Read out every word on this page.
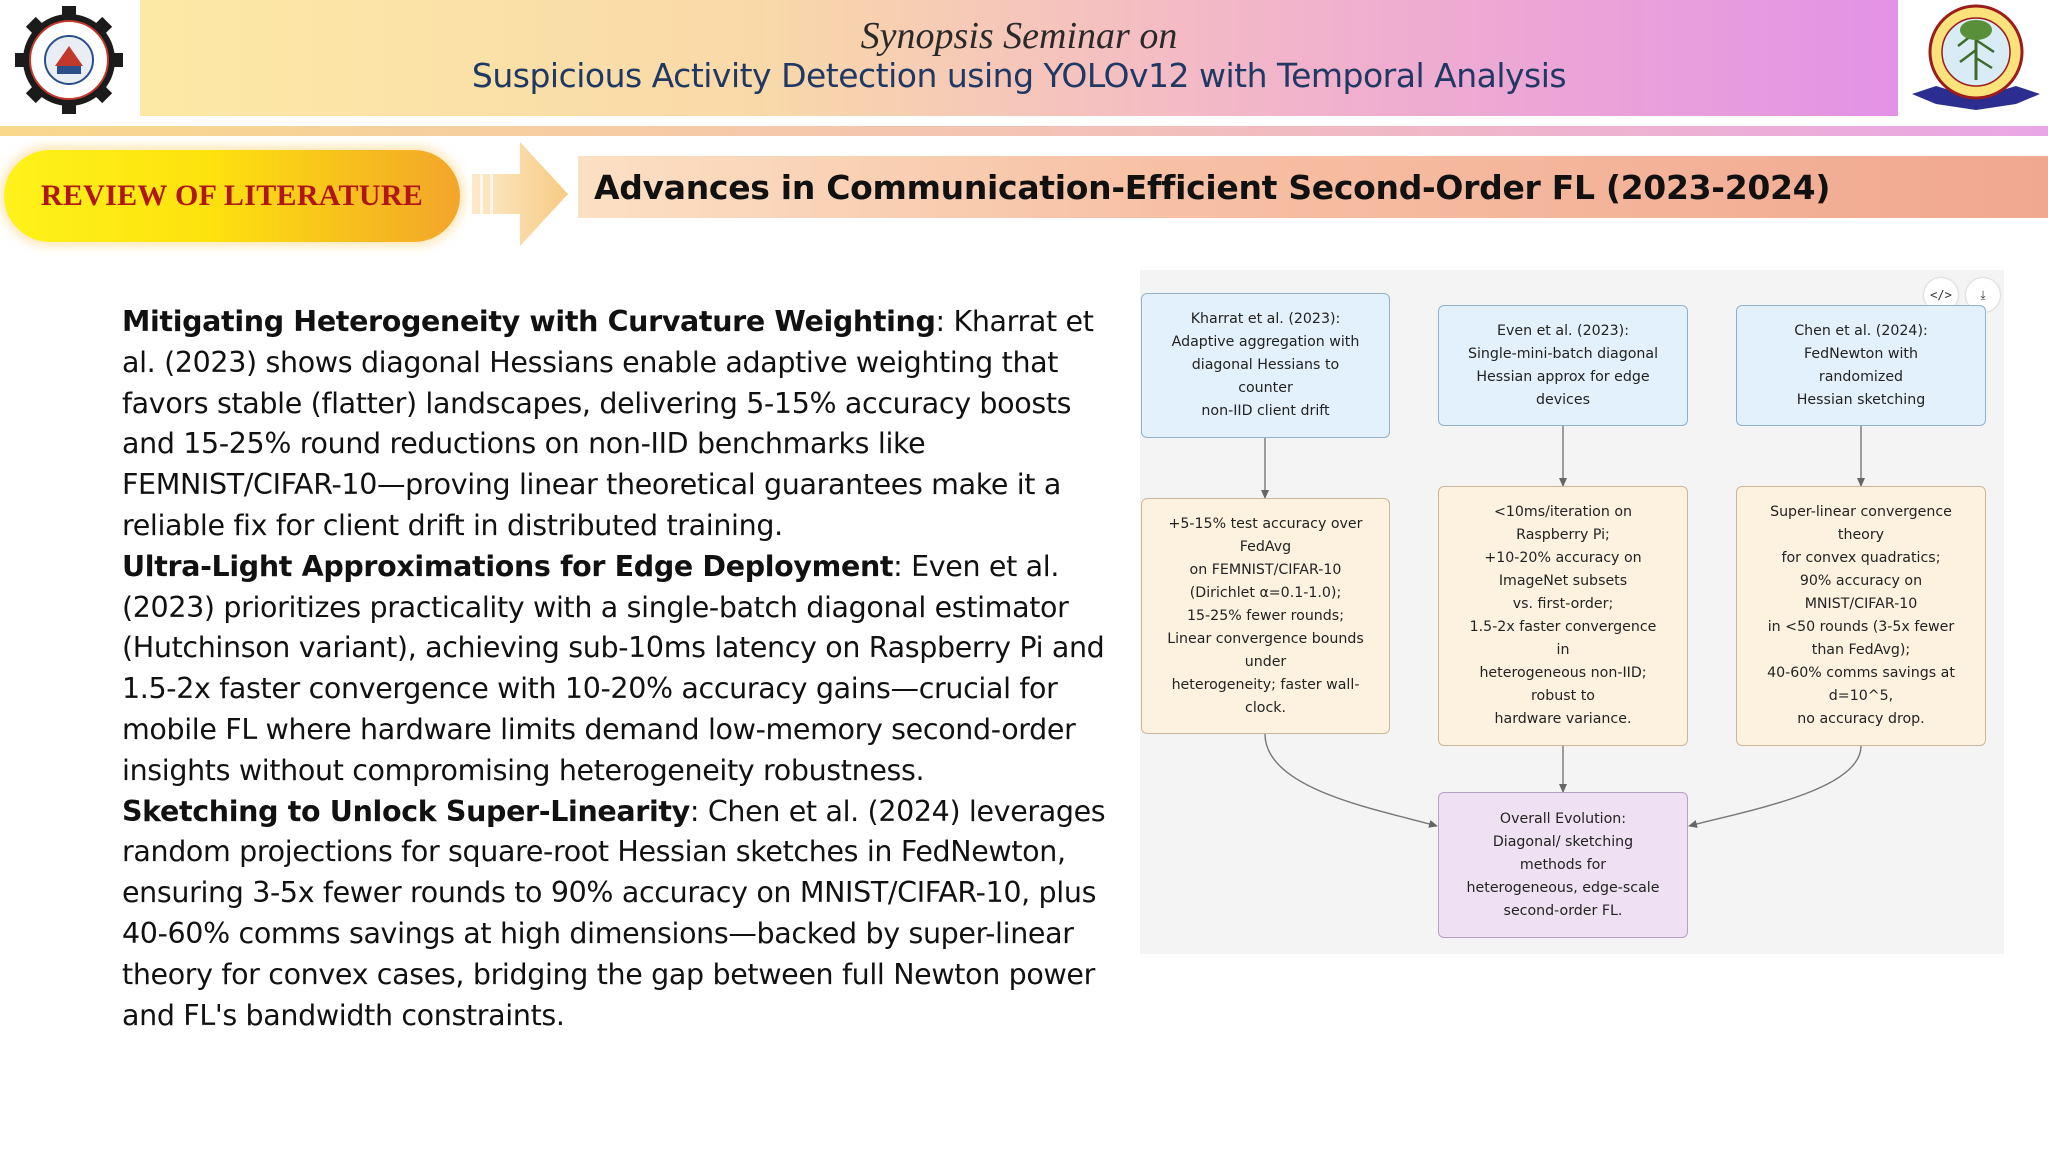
Synopsis Seminar on
Suspicious Activity Detection using YOLOv12 with Temporal Analysis
REVIEW OF LITERATURE	Advances in Communication-Efficient Second-Order FL (2023-2024)

Mitigating Heterogeneity with Curvature Weighting: Kharrat et al. (2023) shows diagonal Hessians enable adaptive weighting that favors stable (flatter) landscapes, delivering 5-15% accuracy boosts and 15-25% round reductions on non-IID benchmarks like FEMNIST/CIFAR-10—proving linear theoretical guarantees make it a reliable fix for client drift in distributed training.

Ultra-Light Approximations for Edge Deployment: Even et al. (2023) prioritizes practicality with a single-batch diagonal estimator (Hutchinson variant), achieving sub-10ms latency on Raspberry Pi and 1.5-2x faster convergence with 10-20% accuracy gains—crucial for mobile FL where hardware limits demand low-memory second-order insights without compromising heterogeneity robustness.

Sketching to Unlock Super-Linearity: Chen et al. (2024) leverages random projections for square-root Hessian sketches in FedNewton, ensuring 3-5x fewer rounds to 90% accuracy on MNIST/CIFAR-10, plus 40-60% comms savings at high dimensions—backed by super-linear theory for convex cases, bridging the gap between full Newton power and FL's bandwidth constraints.

</> ⤓
Kharrat et al. (2023):
Adaptive aggregation with
diagonal Hessians to
counter
non-IID client drift
Even et al. (2023):
Single-mini-batch diagonal
Hessian approx for edge
devices
Chen et al. (2024):
FedNewton with
randomized
Hessian sketching
+5-15% test accuracy over
FedAvg
on FEMNIST/CIFAR-10
(Dirichlet α=0.1-1.0);
15-25% fewer rounds;
Linear convergence bounds
under
heterogeneity; faster wall-
clock.
<10ms/iteration on
Raspberry Pi;
+10-20% accuracy on
ImageNet subsets
vs. first-order;
1.5-2x faster convergence
in
heterogeneous non-IID;
robust to
hardware variance.
Super-linear convergence
theory
for convex quadratics;
90% accuracy on
MNIST/CIFAR-10
in <50 rounds (3-5x fewer
than FedAvg);
40-60% comms savings at
d=10^5,
no accuracy drop.
Overall Evolution:
Diagonal/ sketching
methods for
heterogeneous, edge-scale
second-order FL.
